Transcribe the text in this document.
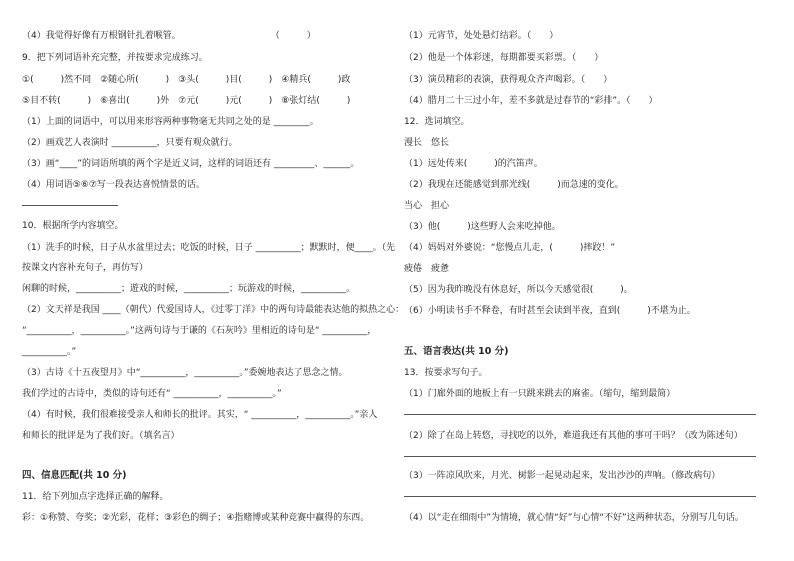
（4）我觉得好像有万根钢针扎着喉管。　　　　　　　　　　　（　　　）
9．把下列词语补充完整，并按要求完成练习。
①(　　　)然不同　②随心所(　　　)　③头(　　　)目(　　　)　④精兵(　　　)政
⑤目不转(　　　)　⑥喜出(　　　)外　⑦元(　　　)元(　　　)　⑧张灯结(　　　)
（1）上面的词语中，可以用来形容两种事物毫无共同之处的是 ________。
（2）画戏艺人表演时 __________，只要有观众就行。
（3）画“____”的词语所填的两个字是近义词，这样的词语还有 _________、______。
（4）用词语⑤⑥⑦写一段表达喜悦情景的话。
10．根据所学内容填空。
（1）洗手的时候，日子从水盆里过去；吃饭的时候，日子 __________；默默时，便____。（先
按课文内容补充句子，再仿写）
闲聊的时候，__________；遊戏的时候，__________；玩游戏的时候，__________。
（2）文天祥是我国 ____（朝代）代爱国诗人，《过零丁洋》中的两句诗最能表达他的拟热之心：
“__________，__________。”这两句诗与于谦的《石灰吟》里相近的诗句是“ __________，
__________。”
（3）古诗《十五夜望月》中“__________，__________。”委婉地表达了思念之情。
我们学过的古诗中，类似的诗句还有“ __________，__________。”
（4）有时候，我们很难接受亲人和师长的批评。其实，“ __________，__________。”亲人
和师长的批评是为了我们好。（填名言）
四、信息匹配(共 10 分)
11．给下列加点字选择正确的解释。
彩：①称赞、夸奖；②光彩，花样；③彩色的绸子；④指赌博或某种竞赛中赢得的东西。
（1）元宵节，处处悬灯结彩。（　　）
（2）他是一个体彩迷，每期都要买彩票。（　　）
（3）演员精彩的表演，获得观众齐声喝彩。（　　）
（4）腊月二十三过小年，差不多就是过春节的“彩排”。（　　）
12．选词填空。
漫长　悠长
（1）远处传来(　　　)的汽笛声。
（2）我现在还能感觉到那光线(　　　)而急速的变化。
当心　担心
（3）他(　　　)这些野人会来吃掉他。
（4）妈妈对外婆说：“您慢点儿走，(　　　)摔跤！”
疲倦　疲惫
（5）因为我昨晚没有休息好，所以今天感觉很(　　　)。
（6）小明读书手不释卷，有时甚至会读到半夜，直到(　　　)不堪为止。
五、语言表达(共 10 分)
13．按要求写句子。
（1）门廊外面的地板上有一只跳来跳去的麻雀。（缩句，缩到最简）
（2）除了在岛上转悠，寻找吃的以外，难道我还有其他的事可干吗？（改为陈述句）
（3）一阵凉风吹来，月光、树影一起晃动起来，发出沙沙的声响。（修改病句）
（4）以“走在细雨中”为情境，就心情“好”与心情“不好”这两种状态，分别写几句话。
